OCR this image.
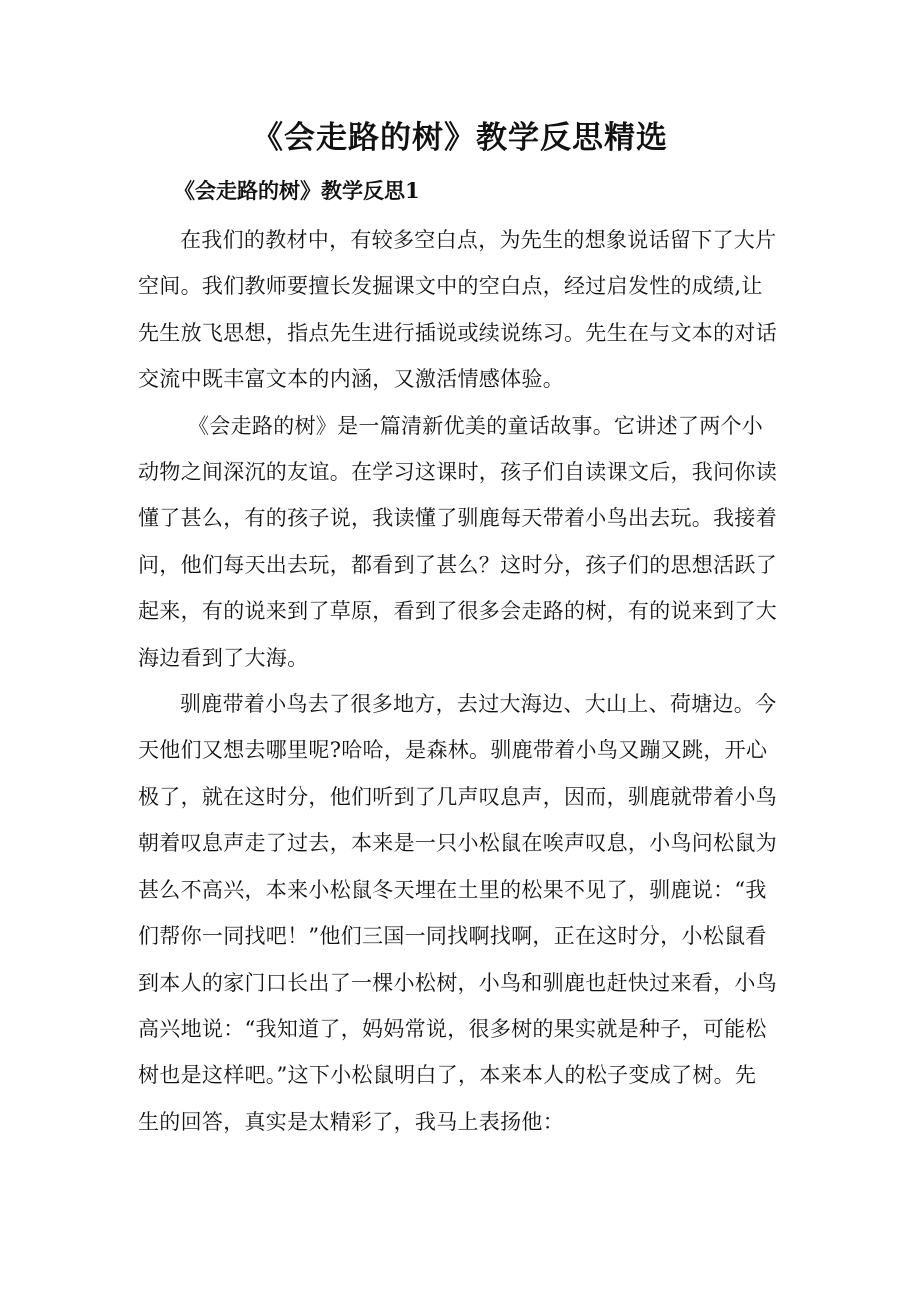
《会走路的树》教学反思精选
《会走路的树》教学反思1

在我们的教材中，有较多空白点，为先生的想象说话留下了大片
空间。我们教师要擅长发掘课文中的空白点，经过启发性的成绩,让
先生放飞思想，指点先生进行插说或续说练习。先生在与文本的对话
交流中既丰富文本的内涵，又激活情感体验。

《会走路的树》是一篇清新优美的童话故事。它讲述了两个小
动物之间深沉的友谊。在学习这课时，孩子们自读课文后，我问你读
懂了甚么，有的孩子说，我读懂了驯鹿每天带着小鸟出去玩。我接着
问，他们每天出去玩，都看到了甚么？这时分，孩子们的思想活跃了
起来，有的说来到了草原，看到了很多会走路的树，有的说来到了大
海边看到了大海。

驯鹿带着小鸟去了很多地方，去过大海边、大山上、荷塘边。今
天他们又想去哪里呢?哈哈，是森林。驯鹿带着小鸟又蹦又跳，开心
极了，就在这时分，他们听到了几声叹息声，因而，驯鹿就带着小鸟
朝着叹息声走了过去，本来是一只小松鼠在唉声叹息，小鸟问松鼠为
甚么不高兴，本来小松鼠冬天埋在土里的松果不见了，驯鹿说：“我
们帮你一同找吧！”他们三国一同找啊找啊，正在这时分，小松鼠看
到本人的家门口长出了一棵小松树，小鸟和驯鹿也赶快过来看，小鸟
高兴地说：“我知道了，妈妈常说，很多树的果实就是种子，可能松
树也是这样吧。”这下小松鼠明白了，本来本人的松子变成了树。先
生的回答，真实是太精彩了，我马上表扬他：
